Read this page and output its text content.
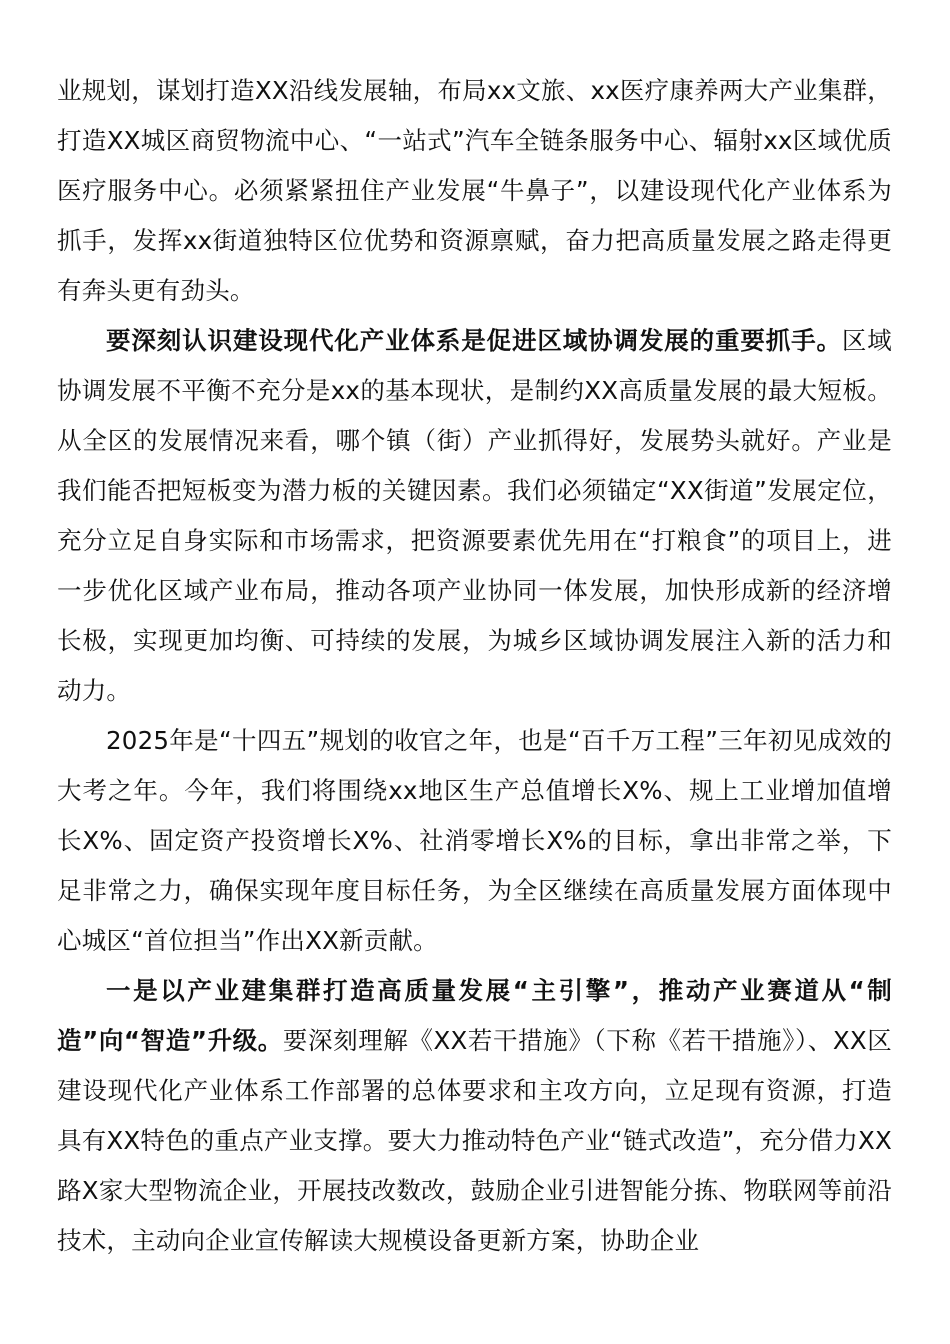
业规划，谋划打造XX沿线发展轴，布局xx文旅、xx医疗康养两大产业集群，打造XX城区商贸物流中心、“一站式”汽车全链条服务中心、辐射xx区域优质医疗服务中心。必须紧紧扭住产业发展“牛鼻子”，以建设现代化产业体系为抓手，发挥xx街道独特区位优势和资源禀赋，奋力把高质量发展之路走得更有奔头更有劲头。

要深刻认识建设现代化产业体系是促进区域协调发展的重要抓手。区域协调发展不平衡不充分是xx的基本现状，是制约XX高质量发展的最大短板。从全区的发展情况来看，哪个镇（街）产业抓得好，发展势头就好。产业是我们能否把短板变为潜力板的关键因素。我们必须锚定“XX街道”发展定位，充分立足自身实际和市场需求，把资源要素优先用在“打粮食”的项目上，进一步优化区域产业布局，推动各项产业协同一体发展，加快形成新的经济增长极，实现更加均衡、可持续的发展，为城乡区域协调发展注入新的活力和动力。

2025年是“十四五”规划的收官之年，也是“百千万工程”三年初见成效的大考之年。今年，我们将围绕xx地区生产总值增长X%、规上工业增加值增长X%、固定资产投资增长X%、社消零增长X%的目标，拿出非常之举，下足非常之力，确保实现年度目标任务，为全区继续在高质量发展方面体现中心城区“首位担当”作出XX新贡献。

一是以产业建集群打造高质量发展“主引擎”，推动产业赛道从“制造”向“智造”升级。要深刻理解《XX若干措施》（下称《若干措施》）、XX区建设现代化产业体系工作部署的总体要求和主攻方向，立足现有资源，打造具有XX特色的重点产业支撑。要大力推动特色产业“链式改造”，充分借力XX路X家大型物流企业，开展技改数改，鼓励企业引进智能分拣、物联网等前沿技术，主动向企业宣传解读大规模设备更新方案，协助企业
